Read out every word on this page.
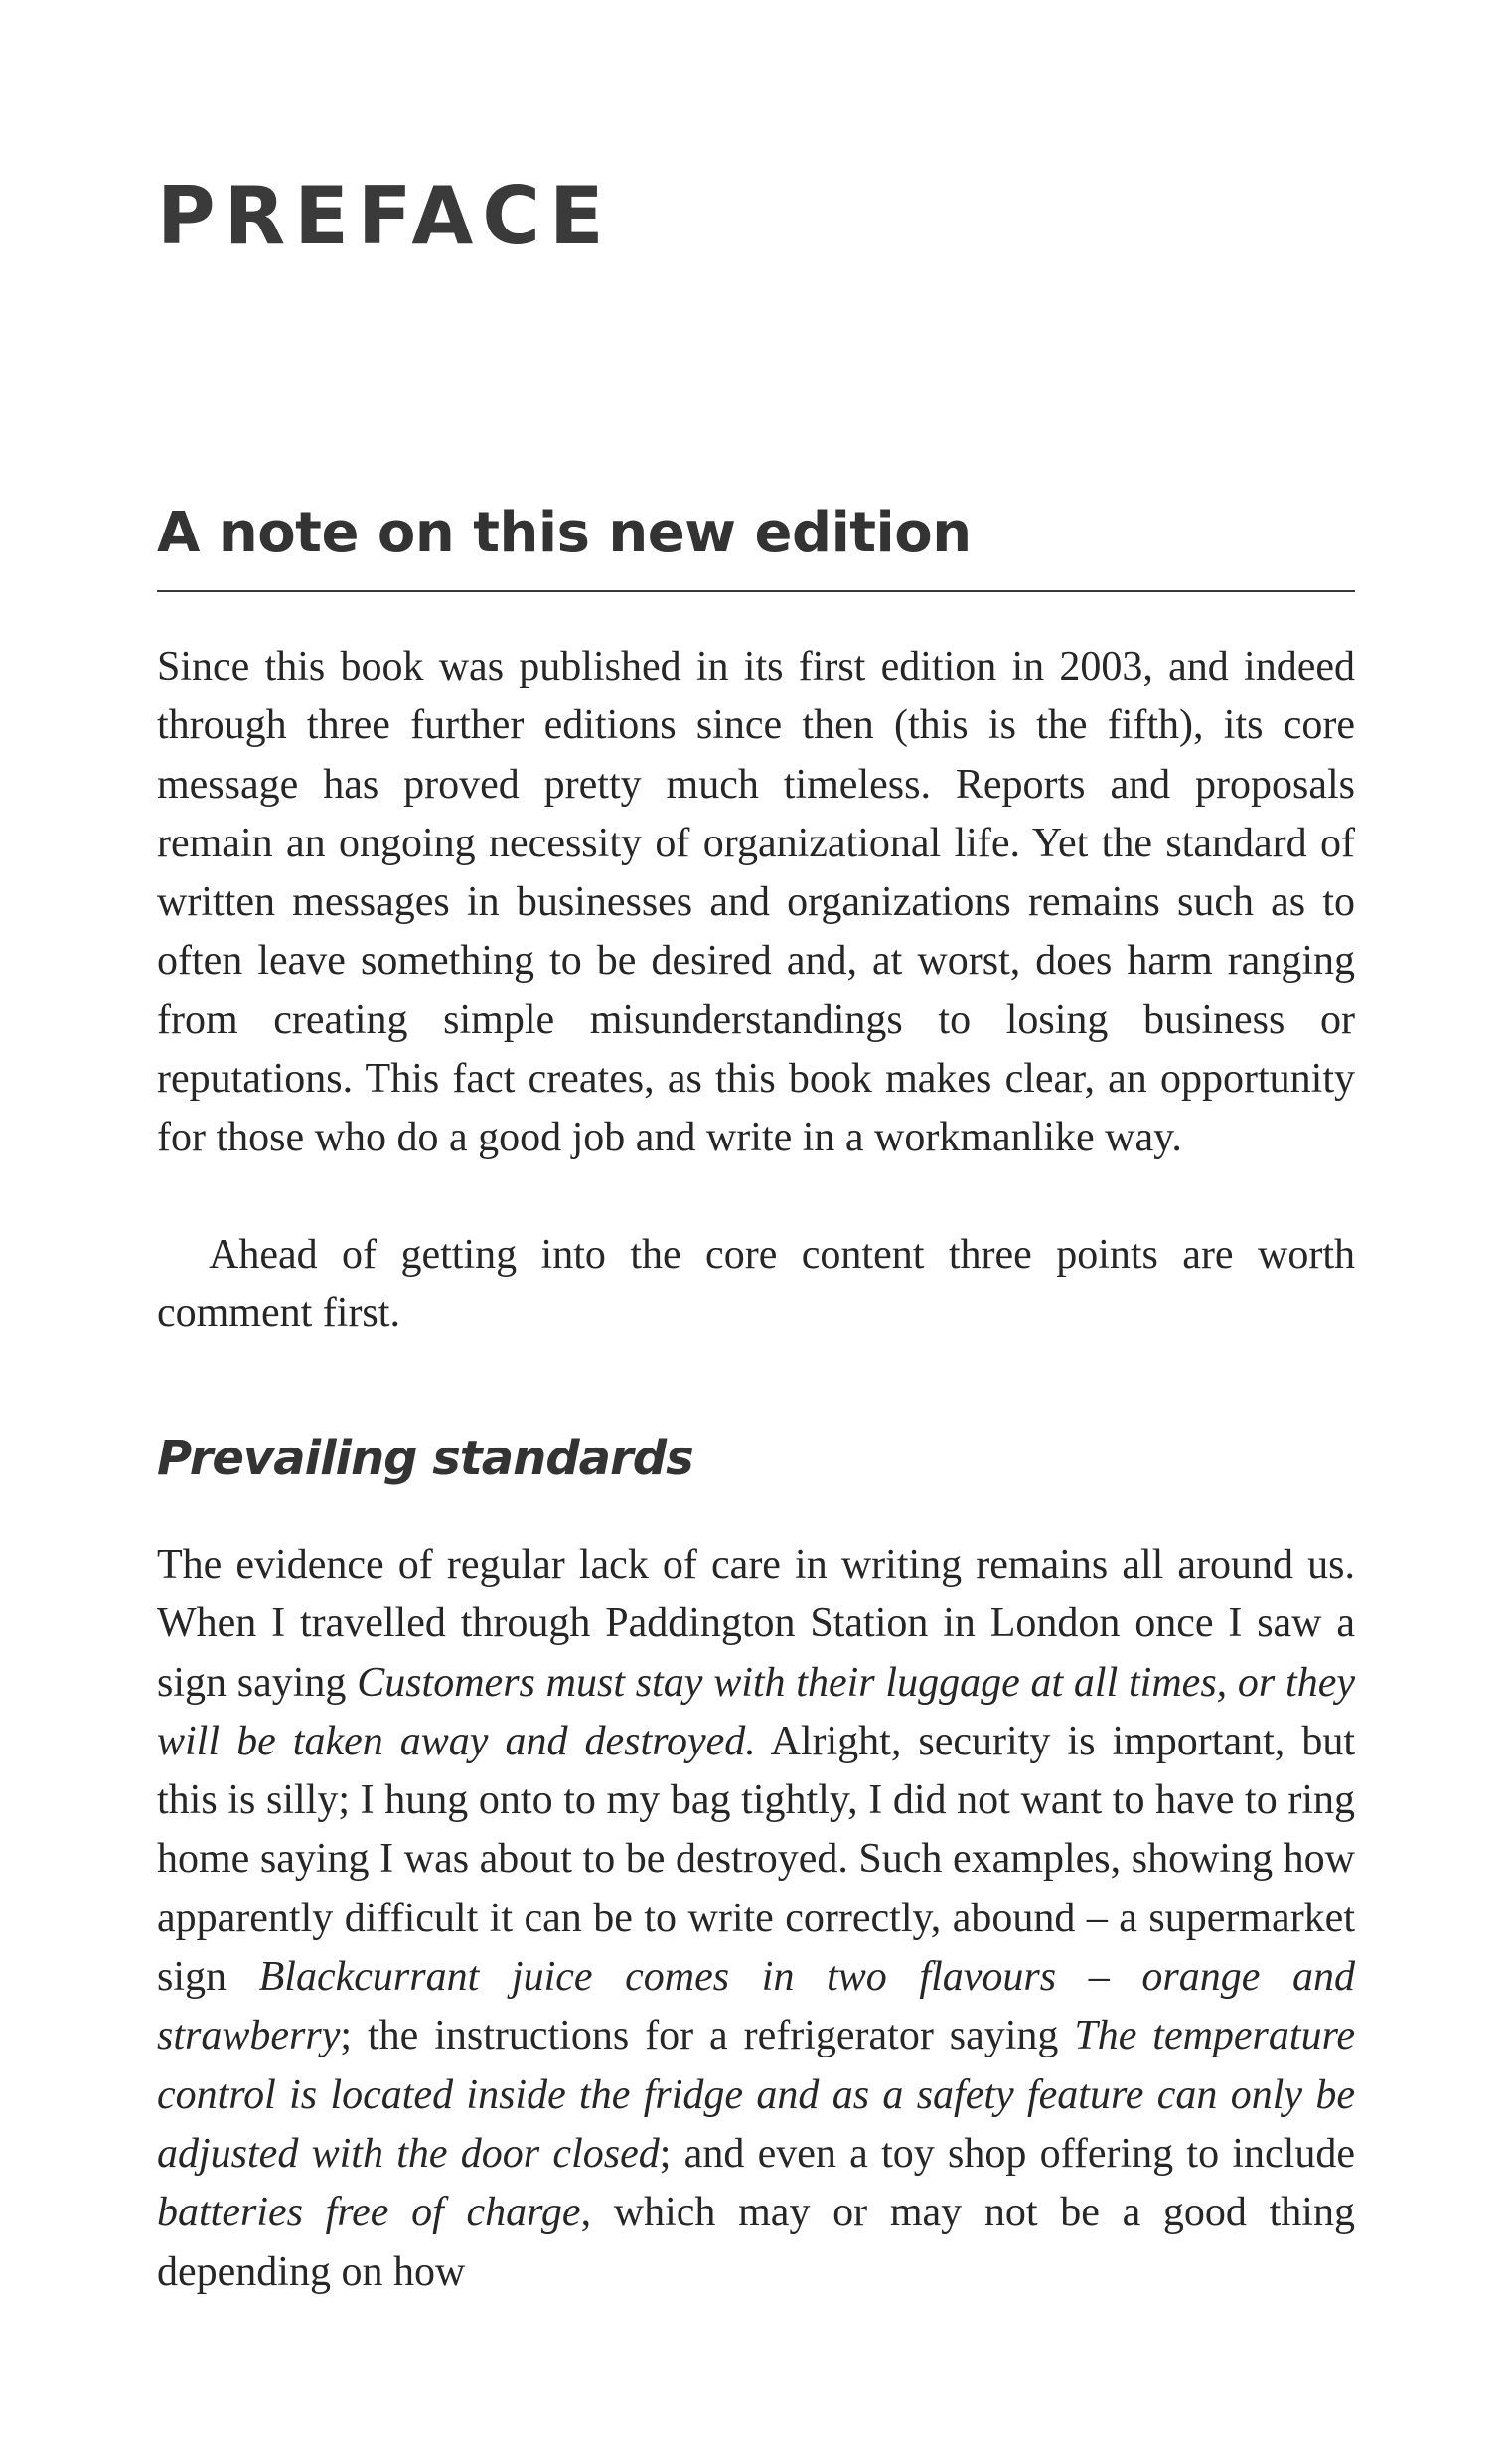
PREFACE
A note on this new edition

Since this book was published in its first edition in 2003, and indeed through three further editions since then (this is the fifth), its core message has proved pretty much timeless. Reports and proposals remain an ongoing necessity of organizational life. Yet the standard of written messages in businesses and organizations remains such as to often leave something to be desired and, at worst, does harm ranging from creating simple misunderstandings to losing business or reputations. This fact creates, as this book makes clear, an opportunity for those who do a good job and write in a workmanlike way.

Ahead of getting into the core content three points are worth comment first.

Prevailing standards

The evidence of regular lack of care in writing remains all around us. When I travelled through Paddington Station in London once I saw a sign saying Customers must stay with their luggage at all times, or they will be taken away and destroyed. Alright, security is important, but this is silly; I hung onto to my bag tightly, I did not want to have to ring home saying I was about to be destroyed. Such examples, showing how apparently difficult it can be to write correctly, abound – a supermarket sign Blackcurrant juice comes in two flavours – orange and strawberry; the instructions for a refrigerator saying The temperature control is located inside the fridge and as a safety feature can only be adjusted with the door closed; and even a toy shop offering to include batteries free of charge, which may or may not be a good thing depending on how
